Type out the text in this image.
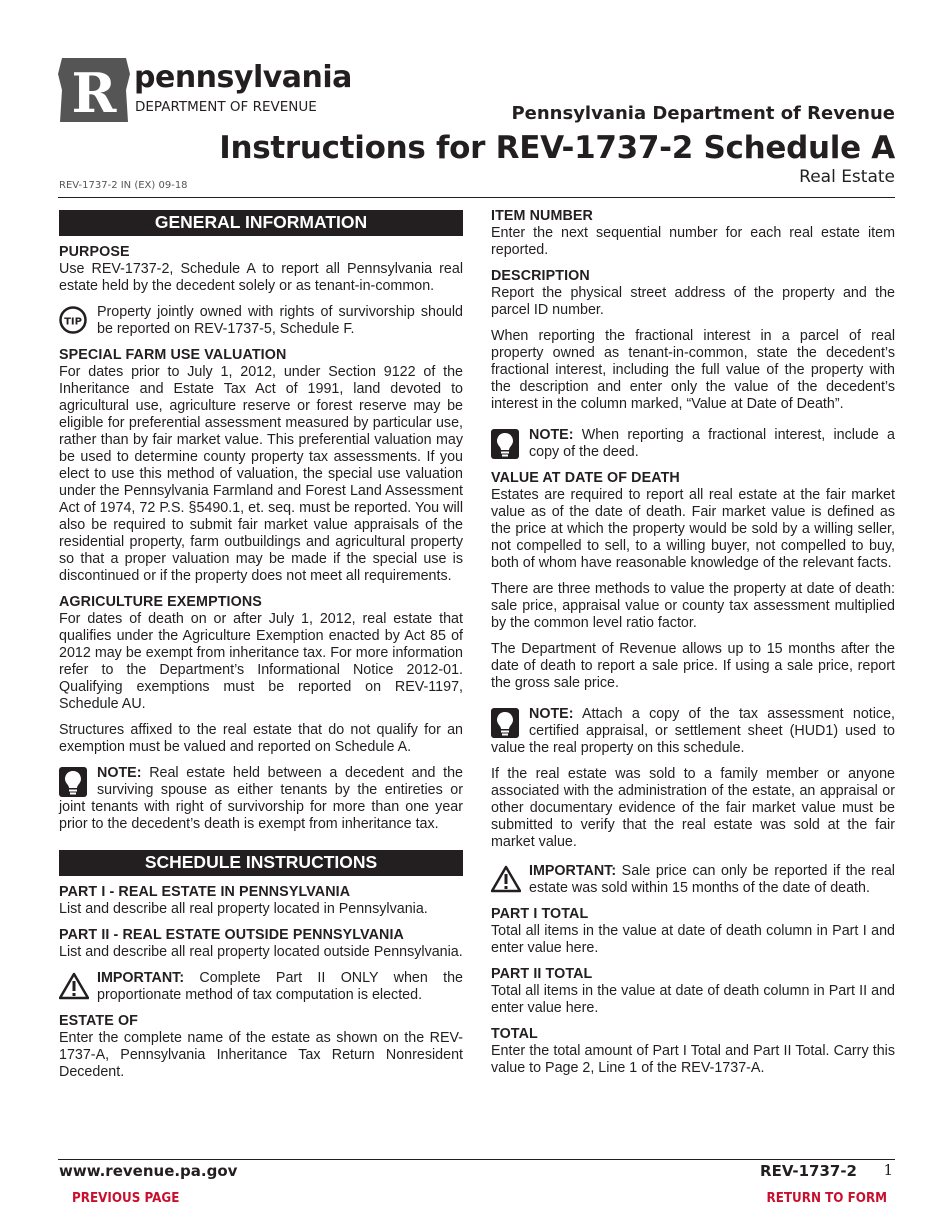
R pennsylvania
DEPARTMENT OF REVENUE	Pennsylvania Department of Revenue
Instructions for REV-1737-2 Schedule A
Real Estate
REV-1737-2 IN (EX) 09-18
GENERAL INFORMATION
PURPOSE

Use REV-1737-2, Schedule A to report all Pennsylvania real estate held by the decedent solely or as tenant-in-common.

TIP
Property jointly owned with rights of survivorship should be reported on REV-1737-5, Schedule F.
SPECIAL FARM USE VALUATION

For dates prior to July 1, 2012, under Section 9122 of the Inheritance and Estate Tax Act of 1991, land devoted to agricultural use, agriculture reserve or forest reserve may be eligible for preferential assessment measured by particular use, rather than by fair market value. This preferential valuation may be used to determine county property tax assessments. If you elect to use this method of valuation, the special use valuation under the Pennsylvania Farmland and Forest Land Assessment Act of 1974, 72 P.S. §5490.1, et. seq. must be reported. You will also be required to submit fair market value appraisals of the residential property, farm outbuildings and agricultural property so that a proper valuation may be made if the special use is discontinued or if the property does not meet all requirements.

AGRICULTURE EXEMPTIONS

For dates of death on or after July 1, 2012, real estate that qualifies under the Agriculture Exemption enacted by Act 85 of 2012 may be exempt from inheritance tax. For more information refer to the Department’s Informational Notice 2012-01. Qualifying exemptions must be reported on REV-1197, Schedule AU.

Structures affixed to the real estate that do not qualify for an exemption must be valued and reported on Schedule A.

NOTE: Real estate held between a decedent and the surviving spouse as either tenants by the entireties or joint tenants with right of survivorship for more than one year prior to the decedent’s death is exempt from inheritance tax.
SCHEDULE INSTRUCTIONS
PART I - REAL ESTATE IN PENNSYLVANIA

List and describe all real property located in Pennsylvania.

PART II - REAL ESTATE OUTSIDE PENNSYLVANIA

List and describe all real property located outside Pennsylvania.

IMPORTANT: Complete Part II ONLY when the proportionate method of tax computation is elected.
ESTATE OF

Enter the complete name of the estate as shown on the REV-1737-A, Pennsylvania Inheritance Tax Return Nonresident Decedent.

ITEM NUMBER

Enter the next sequential number for each real estate item reported.

DESCRIPTION

Report the physical street address of the property and the parcel ID number.

When reporting the fractional interest in a parcel of real property owned as tenant-in-common, state the decedent’s fractional interest, including the full value of the property with the description and enter only the value of the decedent’s interest in the column marked, “Value at Date of Death”.

NOTE: When reporting a fractional interest, include a copy of the deed.
VALUE AT DATE OF DEATH

Estates are required to report all real estate at the fair market value as of the date of death. Fair market value is defined as the price at which the property would be sold by a willing seller, not compelled to sell, to a willing buyer, not compelled to buy, both of whom have reasonable knowledge of the relevant facts.

There are three methods to value the property at date of death: sale price, appraisal value or county tax assessment multiplied by the common level ratio factor.

The Department of Revenue allows up to 15 months after the date of death to report a sale price. If using a sale price, report the gross sale price.

NOTE: Attach a copy of the tax assessment notice, certified appraisal, or settlement sheet (HUD1) used to value the real property on this schedule.

If the real estate was sold to a family member or anyone associated with the administration of the estate, an appraisal or other documentary evidence of the fair market value must be submitted to verify that the real estate was sold at the fair market value.

IMPORTANT: Sale price can only be reported if the real estate was sold within 15 months of the date of death.
PART I TOTAL

Total all items in the value at date of death column in Part I and enter value here.

PART II TOTAL

Total all items in the value at date of death column in Part II and enter value here.

TOTAL

Enter the total amount of Part I Total and Part II Total. Carry this value to Page 2, Line 1 of the REV-1737-A.

www.revenue.pa.gov	REV-1737-2 1
PREVIOUS PAGE	RETURN TO FORM
